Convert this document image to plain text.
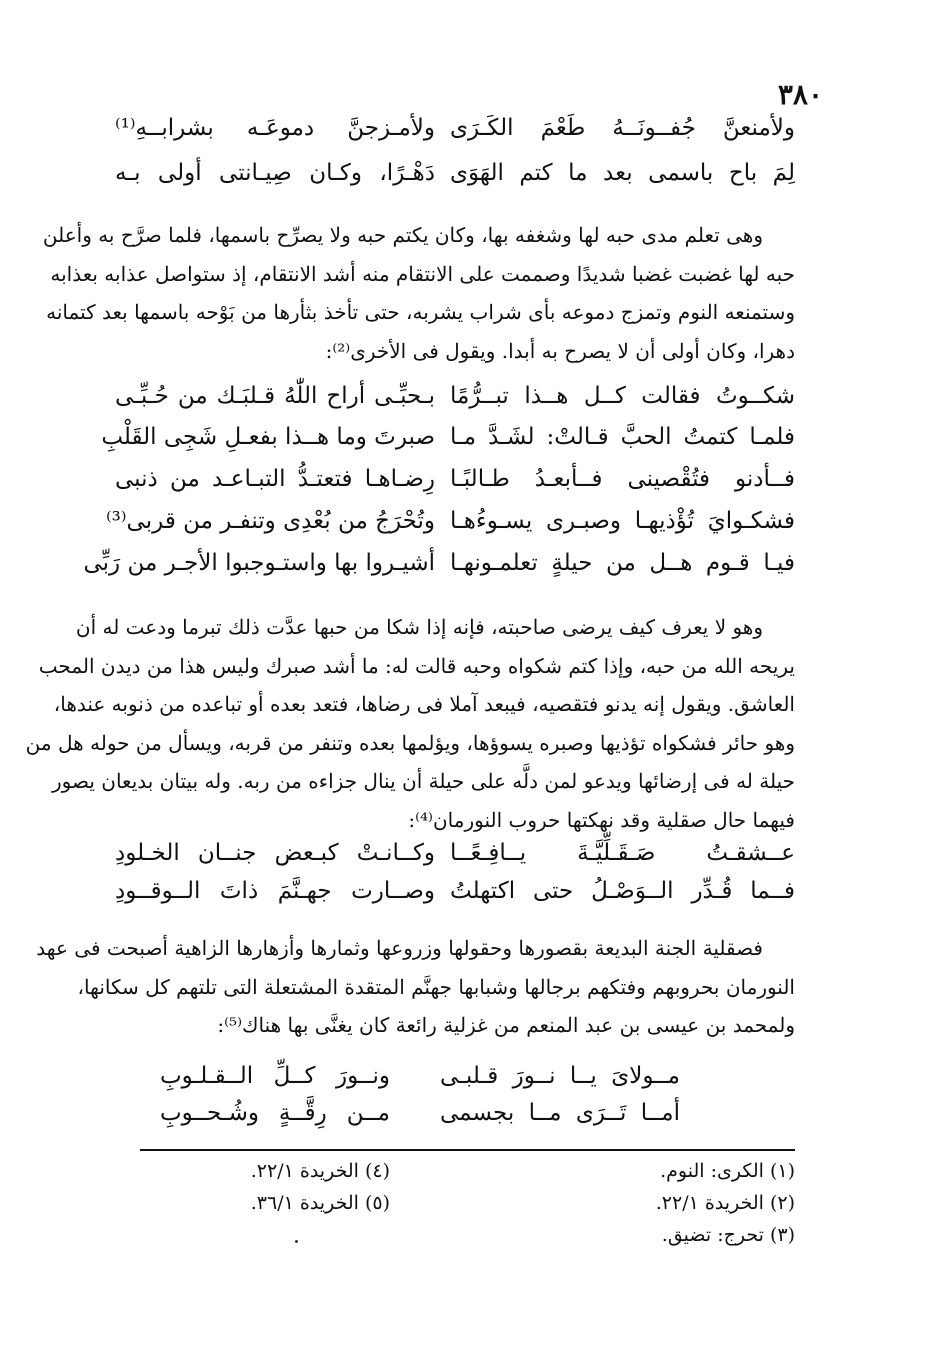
٣٨٠
ولأمنعنَّ جُفــونَــهُ طَعْمَ الكَـرَى
ولأمـزجنَّ دموعَـه بشرابــهِ⁽¹⁾
لِمَ باح باسمى بعد ما كتم الهَوَى
دَهْـرًا، وكـان صِيـانتى أولى بـه
وهى تعلم مدى حبه لها وشغفه بها، وكان يكتم حبه ولا يصرِّح باسمها، فلما صرَّح به وأعلن
حبه لها غضبت غضبا شديدًا وصممت على الانتقام منه أشد الانتقام، إذ ستواصل عذابه بعذابه
وستمنعه النوم وتمزج دموعه بأى شراب يشربه، حتى تأخذ بثأرها من بَوْحه باسمها بعد كتمانه
دهرا، وكان أولى أن لا يصرح به أبدا. ويقول فى الأخرى⁽²⁾:
شكــوتُ فقالت كــل هــذا تبــرُّمًا
بـحبِّـى أراح اللّٰهُ قـلبَـك من حُـبِّـى
فلمـا كتمتُ الحبَّ قـالتْ: لشَـدَّ مـا
صبرتَ وما هــذا بفعـلِ شَجِى القَلْبِ
فــأدنو فتُقْصينى فــأبعـدُ طـالبًـا
رِضـاهـا فتعتـدُّ التبـاعـد من ذنبى
فشكـوايَ تُؤْذيهـا وصبـرى يسـوءُهـا
وتُحْرَجُ من بُعْدِى وتنفـر من قربى⁽³⁾
فيـا قـوم هــل من حيلةٍ تعلمـونهـا
أشيـروا بها واستـوجبوا الأجـر من رَبِّى
وهو لا يعرف كيف يرضى صاحبته، فإنه إذا شكا من حبها عدَّت ذلك تبرما ودعت له أن
يريحه الله من حبه، وإذا كتم شكواه وحبه قالت له: ما أشد صبرك وليس هذا من ديدن المحب
العاشق. ويقول إنه يدنو فتقصيه، فيبعد آملا فى رضاها، فتعد بعده أو تباعده من ذنوبه عندها،
وهو حائر فشكواه تؤذيها وصبره يسوؤها، ويؤلمها بعده وتنفر من قربه، ويسأل من حوله هل من
حيلة له فى إرضائها ويدعو لمن دلَّه على حيلة أن ينال جزاءه من ربه. وله بيتان بديعان يصور
فيهما حال صقلية وقد نهكتها حروب النورمان⁽⁴⁾:
عــشقـتُ صَـقَـلِّيَّـةَ يــافِـعًــا
وكــانـتْ كبـعض جنــان الخـلودِ
فــما قُـدِّر الــوَصْـلُ حتى اكتهلتُ
وصــارت جهـنَّمَ ذاتَ الــوقــودِ
فصقلية الجنة البديعة بقصورها وحقولها وزروعها وثمارها وأزهارها الزاهية أصبحت فى عهد
النورمان بحروبهم وفتكهم برجالها وشبابها جهنَّم المتقدة المشتعلة التى تلتهم كل سكانها،
ولمحمد بن عيسى بن عبد المنعم من غزلية رائعة كان يغنَّى بها هناك⁽⁵⁾:
مــولاىَ يــا نــورَ قـلبـى
ونــورَ كــلِّ الــقـلـوبِ
أمــا تَــرَى مــا بجسمى
مــن رِقَّــةٍ وشُـحــوبِ
(١) الكرى: النوم.
(٢) الخريدة ٢٢/١.
(٣) تحرج: تضيق.
(٤) الخريدة ٢٢/١.
(٥) الخريدة ٣٦/١.
